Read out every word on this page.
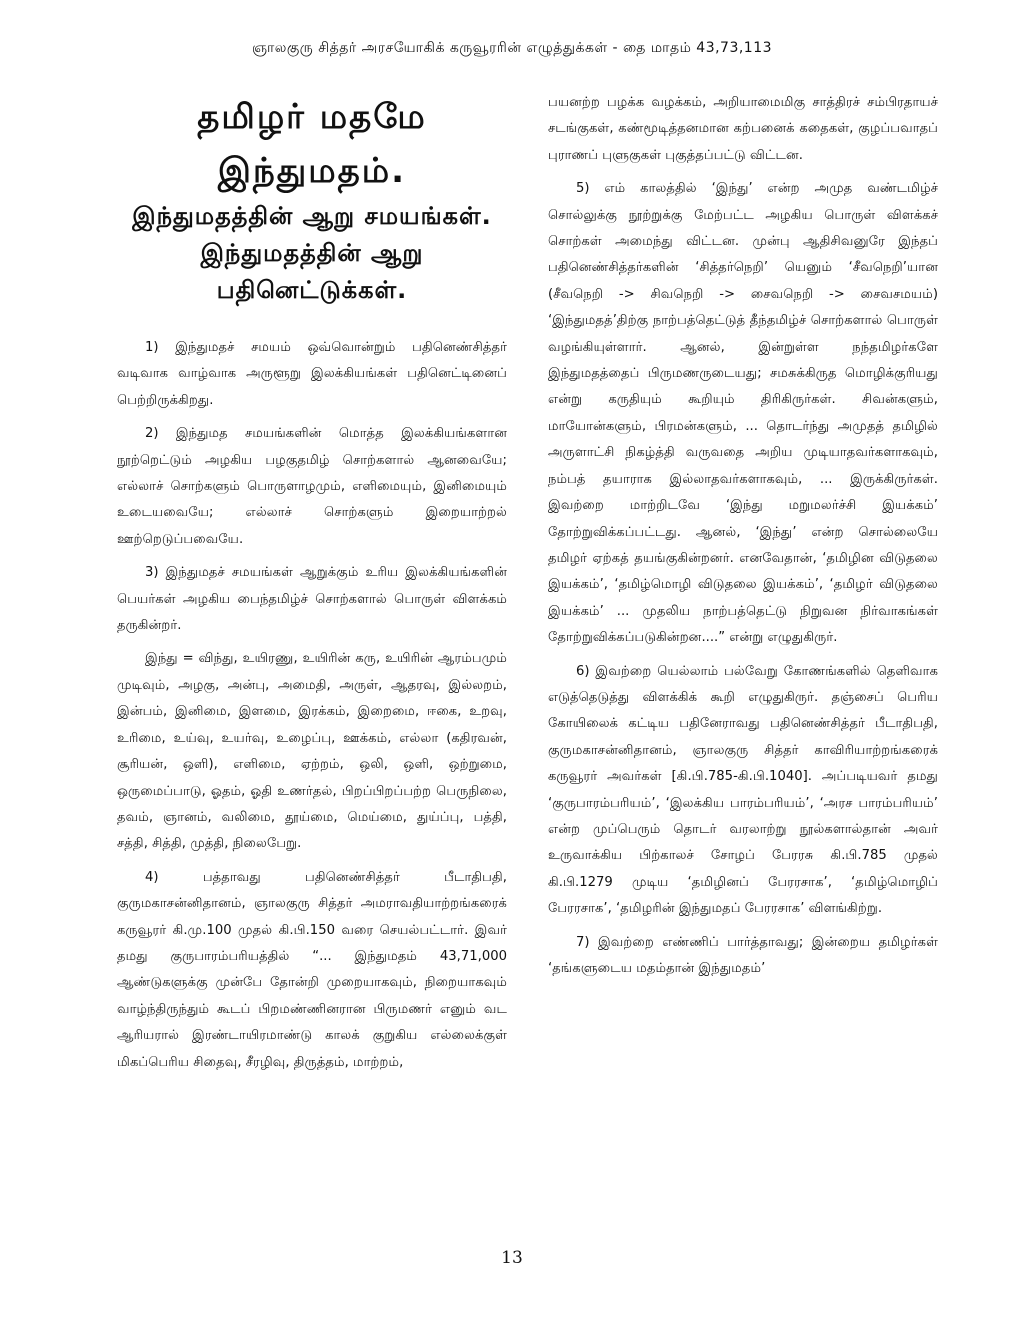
ஞாலகுரு சித்தர் அரசயோகிக் கருவூரரின் எழுத்துக்கள் - தை மாதம் 43,73,113
தமிழர் மதமே
இந்துமதம்.
இந்துமதத்தின் ஆறு சமயங்கள்.
இந்துமதத்தின் ஆறு
பதினெட்டுக்கள்.

1) இந்துமதச் சமயம் ஒவ்வொன்றும் பதினெண்சித்தர் வடிவாக வாழ்வாக அருளூறு இலக்கியங்கள் பதினெட்டினைப் பெற்றிருக்கிறது.

2) இந்துமத சமயங்களின் மொத்த இலக்கியங்களான நூற்றெட்டும் அழகிய பழகுதமிழ் சொற்களால் ஆனவையே; எல்லாச் சொற்களும் பொருளாழமும், எளிமையும், இனிமையும் உடையவையே; எல்லாச் சொற்களும் இறையாற்றல் ஊற்றெடுப்பவையே.

3) இந்துமதச் சமயங்கள் ஆறுக்கும் உரிய இலக்கியங்களின் பெயர்கள் அழகிய பைந்தமிழ்ச் சொற்களால் பொருள் விளக்கம் தருகின்றர்.

இந்து = விந்து, உயிரணு, உயிரின் கரு, உயிரின் ஆரம்பமும் முடிவும், அழகு, அன்பு, அமைதி, அருள், ஆதரவு, இல்லறம், இன்பம், இனிமை, இளமை, இரக்கம், இறைமை, ஈகை, உறவு, உரிமை, உய்வு, உயர்வு, உழைப்பு, ஊக்கம், எல்லா (கதிரவன், சூரியன், ஒளி), எளிமை, ஏற்றம், ஒலி, ஒளி, ஒற்றுமை, ஒருமைப்பாடு, ஓதம், ஓதி உணர்தல், பிறப்பிறப்பற்ற பெருநிலை, தவம், ஞானம், வலிமை, தூய்மை, மெய்மை, துய்ப்பு, பத்தி, சத்தி, சித்தி, முத்தி, நிலைபேறு.

4) பத்தாவது பதினெண்சித்தர் பீடாதிபதி, குருமகாசன்னிதானம், ஞாலகுரு சித்தர் அமராவதியாற்றங்கரைக் கருவூரர் கி.மு.100 முதல் கி.பி.150 வரை செயல்பட்டார். இவர் தமது குருபாரம்பரியத்தில் “... இந்துமதம் 43,71,000 ஆண்டுகளுக்கு முன்பே தோன்றி முறையாகவும், நிறையாகவும் வாழ்ந்திருந்தும் கூடப் பிறமண்ணினரான பிருமணர் எனும் வட ஆரியரால் இரண்டாயிரமாண்டு காலக் குறுகிய எல்லைக்குள் மிகப்பெரிய சிதைவு, சீரழிவு, திருத்தம், மாற்றம்,

பயனற்ற பழக்க வழக்கம், அறியாமைமிகு சாத்திரச் சம்பிரதாயச் சடங்குகள், கண்மூடித்தனமான கற்பனைக் கதைகள், குழப்பவாதப் புராணப் புளுகுகள் புகுத்தப்பட்டு விட்டன.

5) எம் காலத்தில் ‘இந்து’ என்ற அமுத வண்டமிழ்ச் சொல்லுக்கு நூற்றுக்கு மேற்பட்ட அழகிய பொருள் விளக்கச் சொற்கள் அமைந்து விட்டன. முன்பு ஆதிசிவனுரே இந்தப் பதினெண்சித்தர்களின் ‘சித்தர்நெறி’ யெனும் ‘சீவநெறி’யான (சீவநெறி -> சிவநெறி -> சைவநெறி -> சைவசமயம்) ‘இந்துமதத்’திற்கு நாற்பத்தெட்டுத் தீந்தமிழ்ச் சொற்களால் பொருள் வழங்கியுள்ளார். ஆனல், இன்றுள்ள நந்தமிழர்களே இந்துமதத்தைப் பிருமணருடையது; சமசுக்கிருத மொழிக்குரியது என்று கருதியும் கூறியும் திரிகிருர்கள். சிவன்களும், மாயோன்களும், பிரமன்களும், ... தொடர்ந்து அமுதத் தமிழில் அருளாட்சி நிகழ்த்தி வருவதை அறிய முடியாதவர்களாகவும், நம்பத் தயாராக இல்லாதவர்களாகவும், ... இருக்கிருர்கள். இவற்றை மாற்றிடவே ‘இந்து மறுமலர்ச்சி இயக்கம்’ தோற்றுவிக்கப்பட்டது. ஆனல், ‘இந்து’ என்ற சொல்லையே தமிழர் ஏற்கத் தயங்குகின்றனர். எனவேதான், ‘தமிழின விடுதலை இயக்கம்’, ‘தமிழ்மொழி விடுதலை இயக்கம்’, ‘தமிழர் விடுதலை இயக்கம்’ ... முதலிய நாற்பத்தெட்டு நிறுவன நிர்வாகங்கள் தோற்றுவிக்கப்படுகின்றன....” என்று எழுதுகிருர்.

6) இவற்றை யெல்லாம் பல்வேறு கோணங்களில் தெளிவாக எடுத்தெடுத்து விளக்கிக் கூறி எழுதுகிருர். தஞ்சைப் பெரிய கோயிலைக் கட்டிய பதினேராவது பதினெண்சித்தர் பீடாதிபதி, குருமகாசன்னிதானம், ஞாலகுரு சித்தர் காவிரியாற்றங்கரைக் கருவூரர் அவர்கள் [கி.பி.785-கி.பி.1040]. அப்படியவர் தமது ‘குருபாரம்பரியம்’, ‘இலக்கிய பாரம்பரியம்’, ‘அரச பாரம்பரியம்’ என்ற முப்பெரும் தொடர் வரலாற்று நூல்களால்தான் அவர் உருவாக்கிய பிற்காலச் சோழப் பேரரசு கி.பி.785 முதல் கி.பி.1279 முடிய ‘தமிழினப் பேரரசாக’, ‘தமிழ்மொழிப் பேரரசாக’, ‘தமிழரின் இந்துமதப் பேரரசாக’ விளங்கிற்று.

7) இவற்றை எண்ணிப் பார்த்தாவது; இன்றைய தமிழர்கள் ‘தங்களுடைய மதம்தான் இந்துமதம்’

13
